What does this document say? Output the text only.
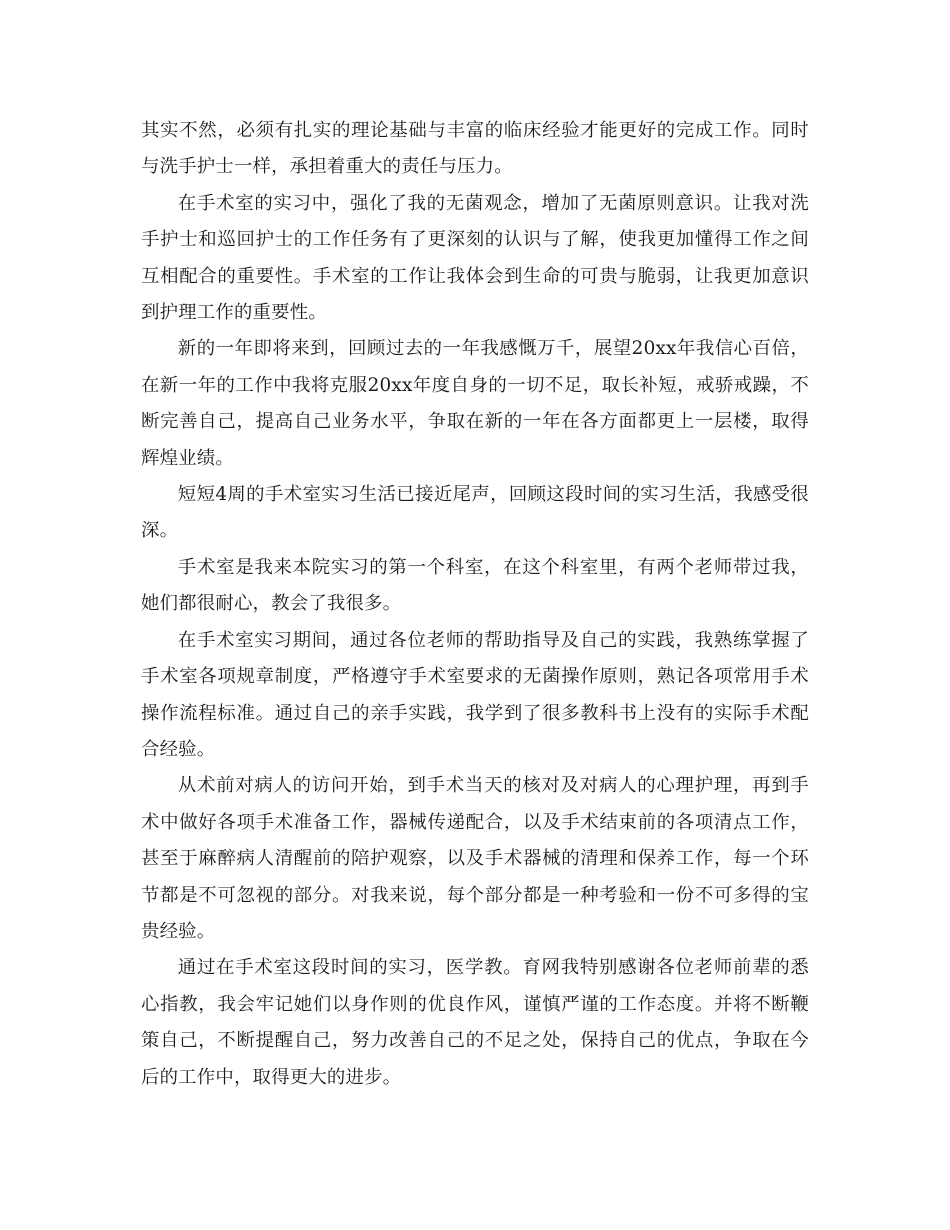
其实不然，必须有扎实的理论基础与丰富的临床经验才能更好的完成工作。同时与洗手护士一样，承担着重大的责任与压力。

在手术室的实习中，强化了我的无菌观念，增加了无菌原则意识。让我对洗手护士和巡回护士的工作任务有了更深刻的认识与了解，使我更加懂得工作之间互相配合的重要性。手术室的工作让我体会到生命的可贵与脆弱，让我更加意识到护理工作的重要性。

新的一年即将来到，回顾过去的一年我感慨万千，展望20xx年我信心百倍，在新一年的工作中我将克服20xx年度自身的一切不足，取长补短，戒骄戒躁，不断完善自己，提高自己业务水平，争取在新的一年在各方面都更上一层楼，取得辉煌业绩。

短短4周的手术室实习生活已接近尾声，回顾这段时间的实习生活，我感受很深。

手术室是我来本院实习的第一个科室，在这个科室里，有两个老师带过我，她们都很耐心，教会了我很多。

在手术室实习期间，通过各位老师的帮助指导及自己的实践，我熟练掌握了手术室各项规章制度，严格遵守手术室要求的无菌操作原则，熟记各项常用手术操作流程标准。通过自己的亲手实践，我学到了很多教科书上没有的实际手术配合经验。

从术前对病人的访问开始，到手术当天的核对及对病人的心理护理，再到手术中做好各项手术准备工作，器械传递配合，以及手术结束前的各项清点工作，甚至于麻醉病人清醒前的陪护观察，以及手术器械的清理和保养工作，每一个环节都是不可忽视的部分。对我来说，每个部分都是一种考验和一份不可多得的宝贵经验。

通过在手术室这段时间的实习，医学教。育网我特别感谢各位老师前辈的悉心指教，我会牢记她们以身作则的优良作风，谨慎严谨的工作态度。并将不断鞭策自己，不断提醒自己，努力改善自己的不足之处，保持自己的优点，争取在今后的工作中，取得更大的进步。
